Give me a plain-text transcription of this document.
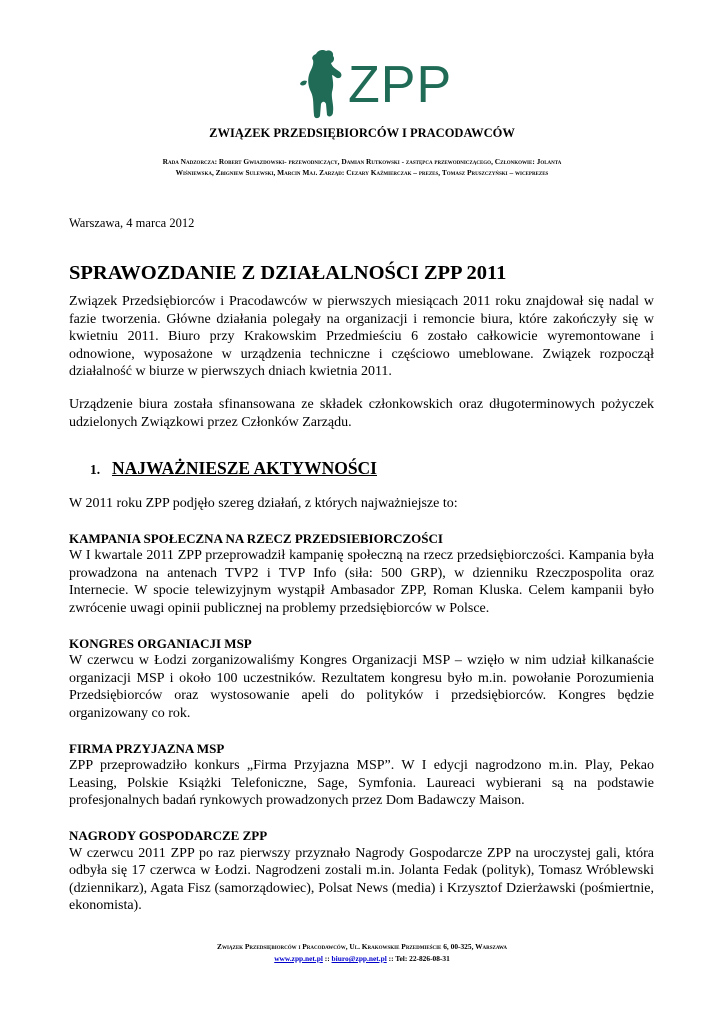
ZPP
ZWIĄZEK PRZEDSIĘBIORCÓW I PRACODAWCÓW
Rada Nadzorcza: Robert Gwiazdowski- przewodniczący, Damian Rutkowski - zastępca przewodniczącego, Członkowie: Jolanta
Wiśniewska, Zbigniew Sulewski, Marcin Maj. Zarząd: Cezary Kaźmierczak – prezes, Tomasz Pruszczyński – wiceprezes

Warszawa, 4 marca 2012

SPRAWOZDANIE Z DZIAŁALNOŚCI ZPP 2011

Związek Przedsiębiorców i Pracodawców w pierwszych miesiącach 2011 roku znajdował się nadal w fazie tworzenia. Główne działania polegały na organizacji i remoncie biura, które zakończyły się w kwietniu 2011. Biuro przy Krakowskim Przedmieściu 6 zostało całkowicie wyremontowane i odnowione, wyposażone w urządzenia techniczne i częściowo umeblowane. Związek rozpoczął działalność w biurze w pierwszych dniach kwietnia 2011.

Urządzenie biura została sfinansowana ze składek członkowskich oraz długoterminowych pożyczek udzielonych Związkowi przez Członków Zarządu.

1. NAJWAŻNIESZE AKTYWNOŚCI

W 2011 roku ZPP podjęło szereg działań, z których najważniejsze to:

KAMPANIA SPOŁECZNA NA RZECZ PRZEDSIEBIORCZOŚCI

W I kwartale 2011 ZPP przeprowadził kampanię społeczną na rzecz przedsiębiorczości. Kampania była prowadzona na antenach TVP2 i TVP Info (siła: 500 GRP), w dzienniku Rzeczpospolita oraz Internecie. W spocie telewizyjnym wystąpił Ambasador ZPP, Roman Kluska. Celem kampanii było zwrócenie uwagi opinii publicznej na problemy przedsiębiorców w Polsce.

KONGRES ORGANIACJI MSP

W czerwcu w Łodzi zorganizowaliśmy Kongres Organizacji MSP – wzięło w nim udział kilkanaście organizacji MSP i około 100 uczestników. Rezultatem kongresu było m.in. powołanie Porozumienia Przedsiębiorców oraz wystosowanie apeli do polityków i przedsiębiorców. Kongres będzie organizowany co rok.

FIRMA PRZYJAZNA MSP

ZPP przeprowadziło konkurs „Firma Przyjazna MSP”. W I edycji nagrodzono m.in. Play, Pekao Leasing, Polskie Książki Telefoniczne, Sage, Symfonia. Laureaci wybierani są na podstawie profesjonalnych badań rynkowych prowadzonych przez Dom Badawczy Maison.

NAGRODY GOSPODARCZE ZPP

W czerwcu 2011 ZPP po raz pierwszy przyznało Nagrody Gospodarcze ZPP na uroczystej gali, która odbyła się 17 czerwca w Łodzi. Nagrodzeni zostali m.in. Jolanta Fedak (polityk), Tomasz Wróblewski (dziennikarz), Agata Fisz (samorządowiec), Polsat News (media) i Krzysztof Dzierżawski (pośmiertnie, ekonomista).

Związek Przedsiębiorców i Pracodawców, Ul. Krakowskie Przedmieście 6, 00-325, Warszawa
www.zpp.net.pl :: biuro@zpp.net.pl :: Tel: 22-826-08-31
